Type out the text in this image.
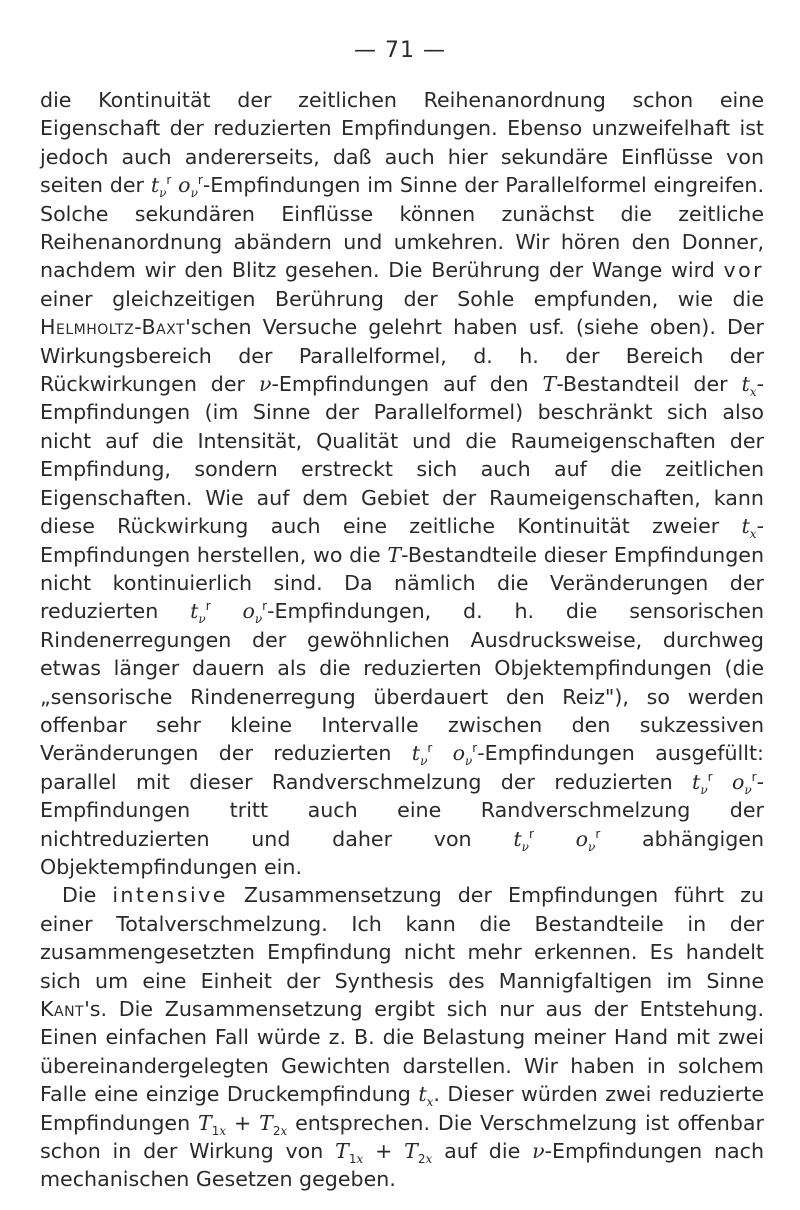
— 71 —

die Kontinuität der zeitlichen Reihenanordnung schon eine Eigenschaft der reduzierten Empfindungen. Ebenso unzweifelhaft ist jedoch auch andererseits, daß auch hier sekundäre Einflüsse von seiten der $t_\nu^r$ $o_\nu^r$-Empfindungen im Sinne der Parallelformel eingreifen. Solche sekundären Einflüsse können zunächst die zeitliche Reihenanordnung abändern und umkehren. Wir hören den Donner, nachdem wir den Blitz gesehen. Die Berührung der Wange wird vor einer gleichzeitigen Berührung der Sohle empfunden, wie die Helmholtz-Baxt'schen Versuche gelehrt haben usf. (siehe oben). Der Wirkungsbereich der Parallelformel, d. h. der Bereich der Rückwirkungen der ν-Empfindungen auf den T-Bestandteil der $t_x$-Empfindungen (im Sinne der Parallelformel) beschränkt sich also nicht auf die Intensität, Qualität und die Raumeigenschaften der Empfindung, sondern erstreckt sich auch auf die zeitlichen Eigenschaften. Wie auf dem Gebiet der Raumeigenschaften, kann diese Rückwirkung auch eine zeitliche Kontinuität zweier $t_x$-Empfindungen herstellen, wo die T-Bestandteile dieser Empfindungen nicht kontinuierlich sind. Da nämlich die Veränderungen der reduzierten $t_\nu^r$ $o_\nu^r$-Empfindungen, d. h. die sensorischen Rindenerregungen der gewöhnlichen Ausdrucksweise, durchweg etwas länger dauern als die reduzierten Objektempfindungen (die „sensorische Rindenerregung überdauert den Reiz"), so werden offenbar sehr kleine Intervalle zwischen den sukzessiven Veränderungen der reduzierten $t_\nu^r$ $o_\nu^r$-Empfindungen ausgefüllt: parallel mit dieser Randverschmelzung der reduzierten $t_\nu^r$ $o_\nu^r$-Empfindungen tritt auch eine Randverschmelzung der nichtreduzierten und daher von $t_\nu^r$ $o_\nu^r$ abhängigen Objektempfindungen ein.

Die intensive Zusammensetzung der Empfindungen führt zu einer Totalverschmelzung. Ich kann die Bestandteile in der zusammengesetzten Empfindung nicht mehr erkennen. Es handelt sich um eine Einheit der Synthesis des Mannigfaltigen im Sinne Kant's. Die Zusammensetzung ergibt sich nur aus der Entstehung. Einen einfachen Fall würde z. B. die Belastung meiner Hand mit zwei übereinandergelegten Gewichten darstellen. Wir haben in solchem Falle eine einzige Druckempfindung $t_x$. Dieser würden zwei reduzierte Empfindungen $T_{1x} + T_{2x}$ entsprechen. Die Verschmelzung ist offenbar schon in der Wirkung von $T_{1x} + T_{2x}$ auf die ν-Empfindungen nach mechanischen Gesetzen gegeben.
